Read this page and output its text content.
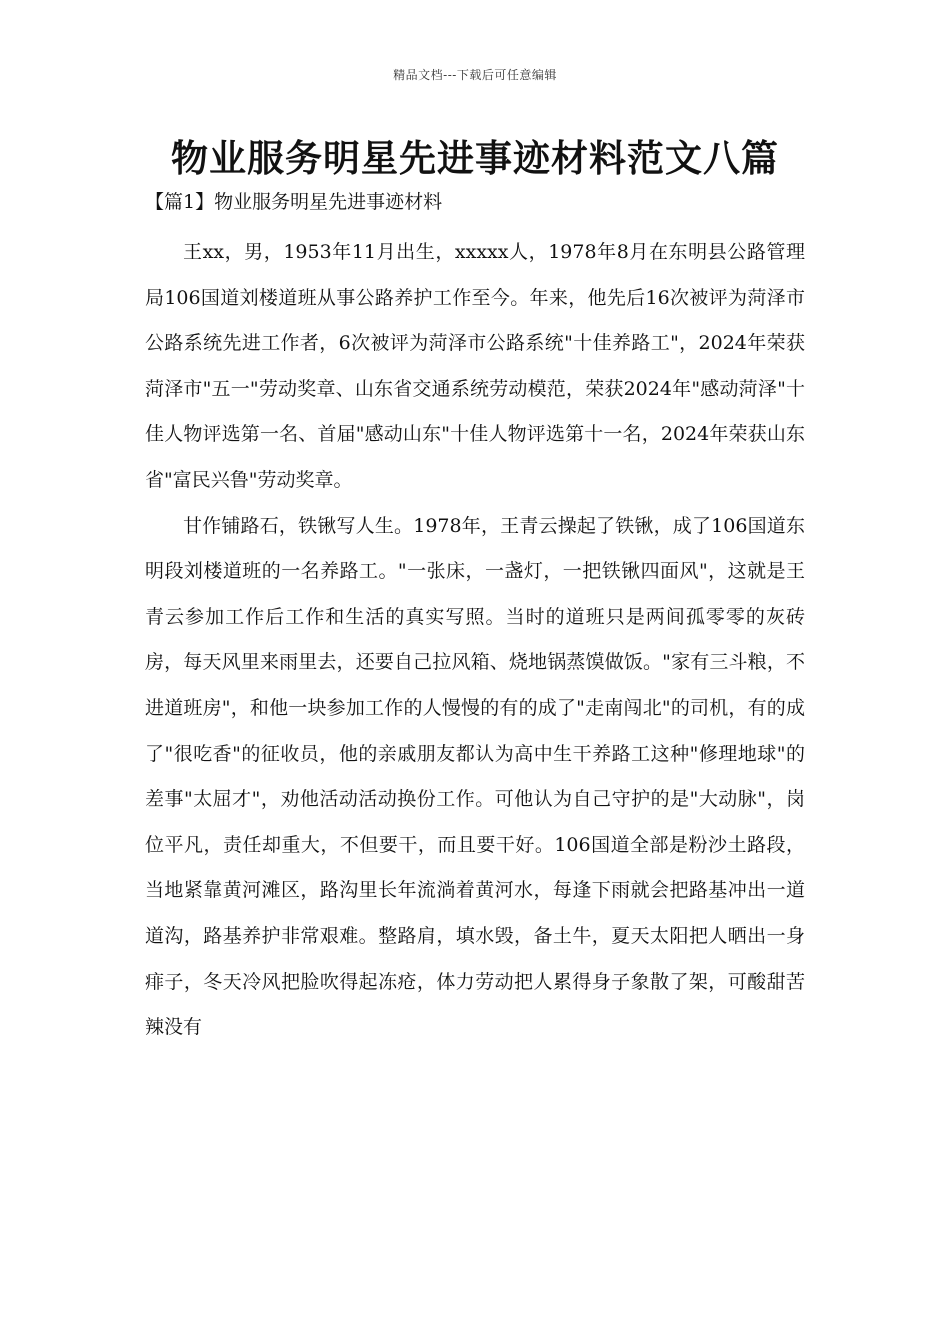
精品文档---下载后可任意编辑
物业服务明星先进事迹材料范文八篇
【篇1】物业服务明星先进事迹材料

王xx，男，1953年11月出生，xxxxx人，1978年8月在东明县公路管理局106国道刘楼道班从事公路养护工作至今。年来，他先后16次被评为菏泽市公路系统先进工作者，6次被评为菏泽市公路系统"十佳养路工"，2024年荣获菏泽市"五一"劳动奖章、山东省交通系统劳动模范，荣获2024年"感动菏泽"十佳人物评选第一名、首届"感动山东"十佳人物评选第十一名，2024年荣获山东省"富民兴鲁"劳动奖章。

甘作铺路石，铁锹写人生。1978年，王青云操起了铁锹，成了106国道东明段刘楼道班的一名养路工。"一张床，一盏灯，一把铁锹四面风"，这就是王青云参加工作后工作和生活的真实写照。当时的道班只是两间孤零零的灰砖房，每天风里来雨里去，还要自己拉风箱、烧地锅蒸馍做饭。"家有三斗粮，不进道班房"，和他一块参加工作的人慢慢的有的成了"走南闯北"的司机，有的成了"很吃香"的征收员，他的亲戚朋友都认为高中生干养路工这种"修理地球"的差事"太屈才"，劝他活动活动换份工作。可他认为自己守护的是"大动脉"，岗位平凡，责任却重大，不但要干，而且要干好。106国道全部是粉沙土路段，当地紧靠黄河滩区，路沟里长年流淌着黄河水，每逢下雨就会把路基冲出一道道沟，路基养护非常艰难。整路肩，填水毁，备土牛，夏天太阳把人晒出一身痱子，冬天冷风把脸吹得起冻疮，体力劳动把人累得身子象散了架，可酸甜苦辣没有
